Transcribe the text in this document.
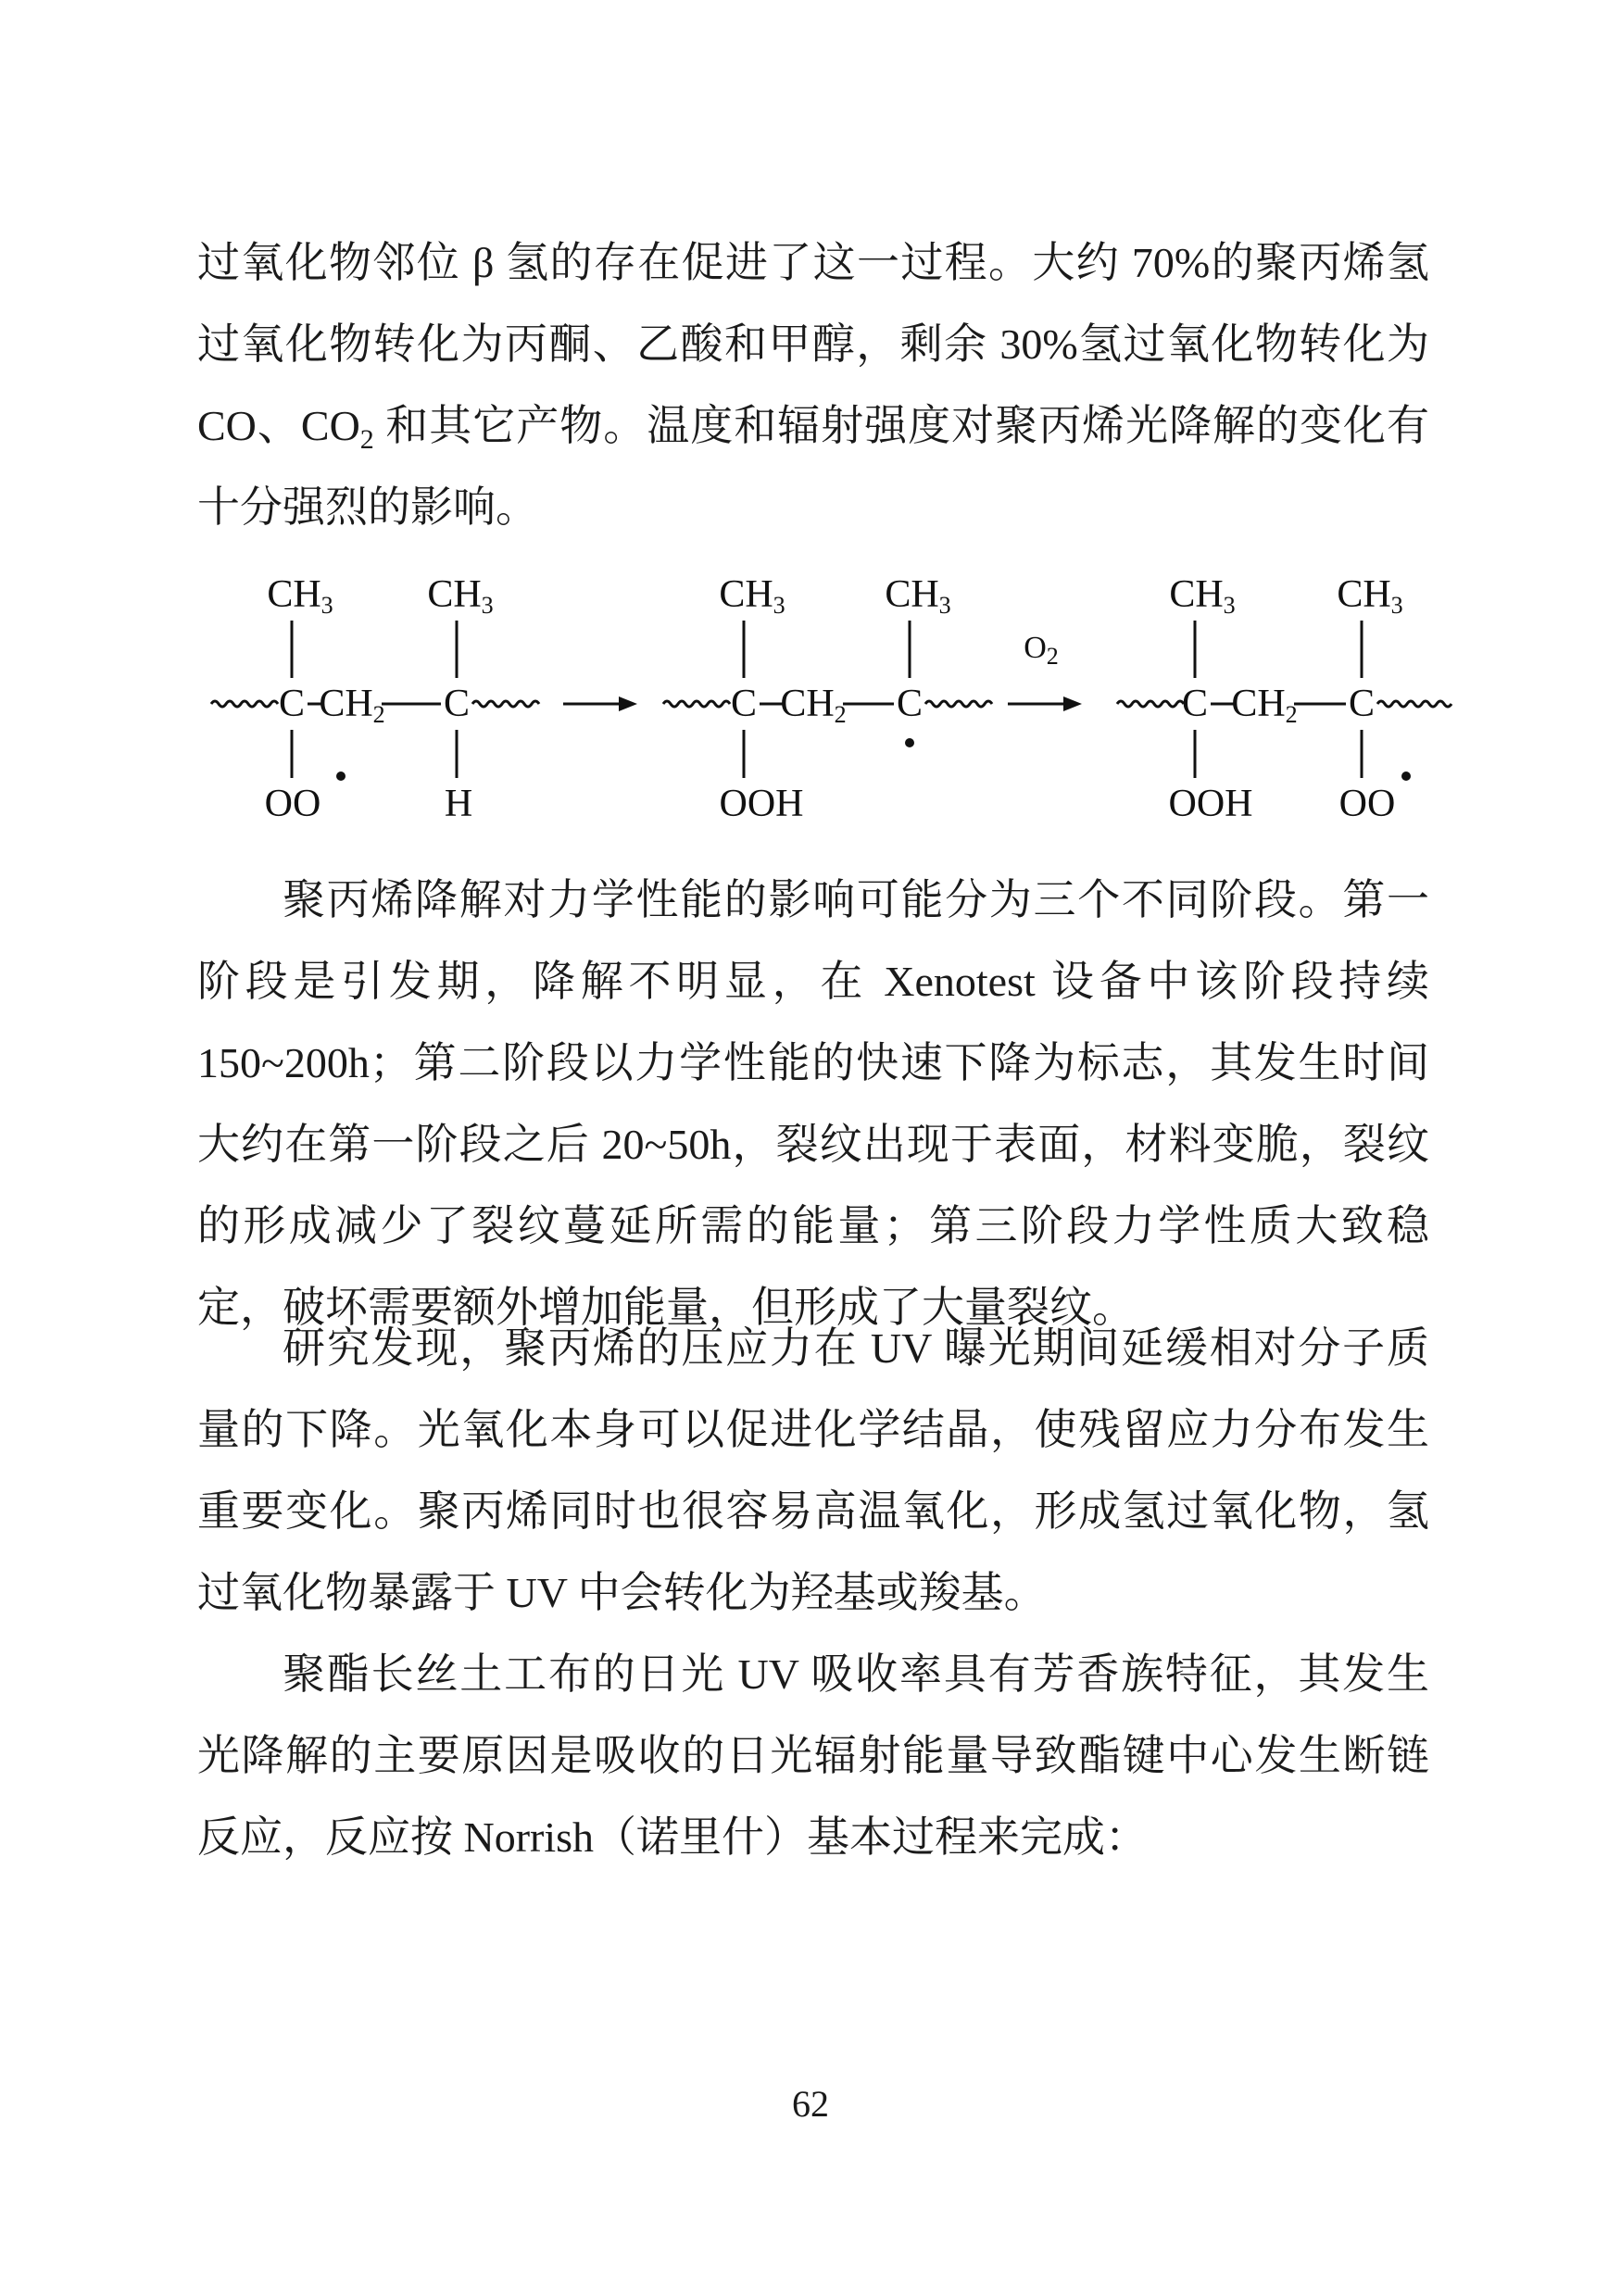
过氧化物邻位 β 氢的存在促进了这一过程。大约 70%的聚丙烯氢过氧化物转化为丙酮、乙酸和甲醇，剩余 30%氢过氧化物转化为 CO、$CO_2$ 和其它产物。温度和辐射强度对聚丙烯光降解的变化有十分强烈的影响。

$CH_3$
C $CH_2$
$CH_3$
C
OO	H
$CH_3$
C $CH_2$
$CH_3$
C
OOH
$O_2$
$CH_3$
C $CH_2$
$CH_3$
C
OOH OO

聚丙烯降解对力学性能的影响可能分为三个不同阶段。第一阶段是引发期，降解不明显，在 Xenotest 设备中该阶段持续 150~200h；第二阶段以力学性能的快速下降为标志，其发生时间大约在第一阶段之后 20~50h，裂纹出现于表面，材料变脆，裂纹的形成减少了裂纹蔓延所需的能量；第三阶段力学性质大致稳定，破坏需要额外增加能量，但形成了大量裂纹。

研究发现，聚丙烯的压应力在 UV 曝光期间延缓相对分子质量的下降。光氧化本身可以促进化学结晶，使残留应力分布发生重要变化。聚丙烯同时也很容易高温氧化，形成氢过氧化物，氢过氧化物暴露于 UV 中会转化为羟基或羧基。

聚酯长丝土工布的日光 UV 吸收率具有芳香族特征，其发生光降解的主要原因是吸收的日光辐射能量导致酯键中心发生断链反应，反应按 Norrish（诺里什）基本过程来完成：

62
